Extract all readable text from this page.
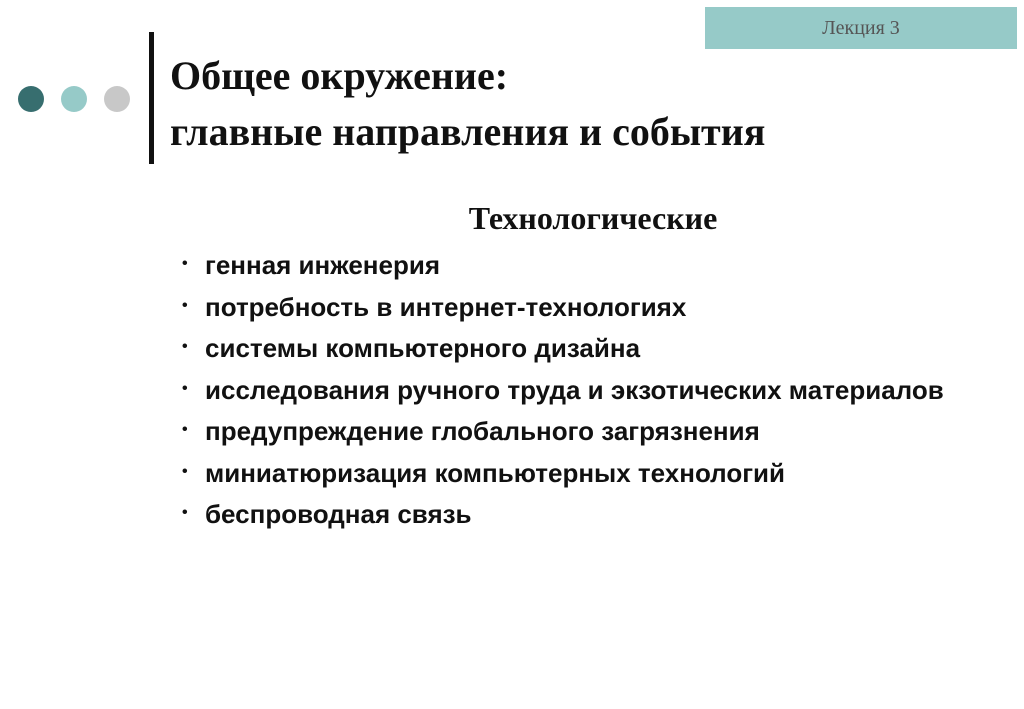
Лекция 3
Общее окружение:
главные направления и события
Технологические
• генная инженерия
• потребность в интернет-технологиях
• системы компьютерного дизайна
• исследования ручного труда и экзотических материалов
• предупреждение глобального загрязнения
• миниатюризация компьютерных технологий
• беспроводная связь
